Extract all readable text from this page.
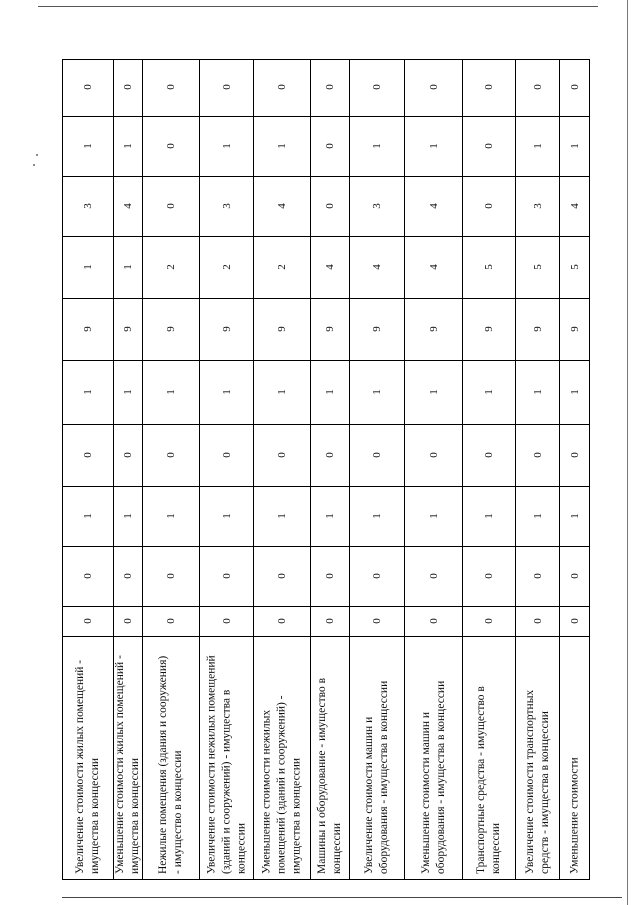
Увеличение стоимости жилых помещений - имущества в концессии
0
0
1
0
1
9
1
3
1
0
Уменьшение стоимости жилых помещений - имущества в концессии
0
0
1
0
1
9
1
4
1
0
Нежилые помещения (здания и сооружения) - имущество в концессии
0
0
1
0
1
9
2
0
0
0
Увеличение стоимости нежилых помещений (зданий и сооружений) - имущества в концессии
0
0
1
0
1
9
2
3
1
0
Уменьшение стоимости нежилых помещений (зданий и сооружений) - имущества в концессии
0
0
1
0
1
9
2
4
1
0
Машины и оборудование - имущество в концессии
0
0
1
0
1
9
4
0
0
0
Увеличение стоимости машин и оборудования - имущества в концессии
0
0
1
0
1
9
4
3
1
0
Уменьшение стоимости машин и оборудования - имущества в концессии
0
0
1
0
1
9
4
4
1
0
Транспортные средства - имущество в концессии
0
0
1
0
1
9
5
0
0
0
Увеличение стоимости транспортных средств - имущества в концессии
0
0
1
0
1
9
5
3
1
0
Уменьшение стоимости
0
0
1
0
1
9
5
4
1
0
